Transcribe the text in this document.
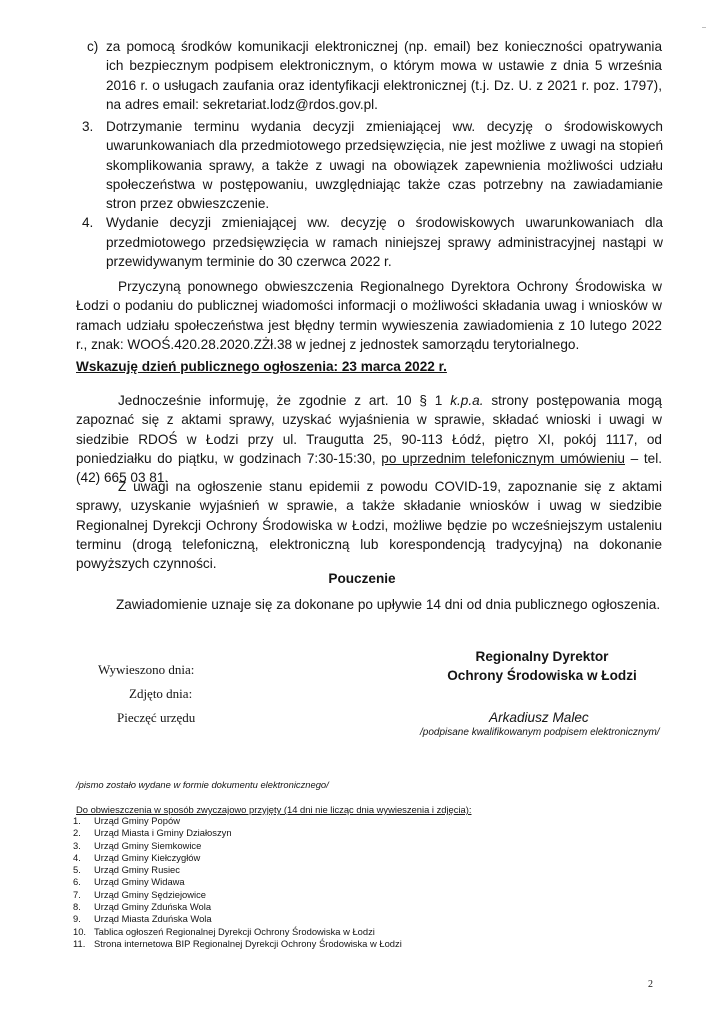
c) za pomocą środków komunikacji elektronicznej (np. email) bez konieczności opatrywania ich bezpiecznym podpisem elektronicznym, o którym mowa w ustawie z dnia 5 września 2016 r. o usługach zaufania oraz identyfikacji elektronicznej (t.j. Dz. U. z 2021 r. poz. 1797), na adres email: sekretariat.lodz@rdos.gov.pl.
3. Dotrzymanie terminu wydania decyzji zmieniającej ww. decyzję o środowiskowych uwarunkowaniach dla przedmiotowego przedsięwzięcia, nie jest możliwe z uwagi na stopień skomplikowania sprawy, a także z uwagi na obowiązek zapewnienia możliwości udziału społeczeństwa w postępowaniu, uwzględniając także czas potrzebny na zawiadamianie stron przez obwieszczenie.
4. Wydanie decyzji zmieniającej ww. decyzję o środowiskowych uwarunkowaniach dla przedmiotowego przedsięwzięcia w ramach niniejszej sprawy administracyjnej nastąpi w przewidywanym terminie do 30 czerwca 2022 r.
Przyczyną ponownego obwieszczenia Regionalnego Dyrektora Ochrony Środowiska w Łodzi o podaniu do publicznej wiadomości informacji o możliwości składania uwag i wniosków w ramach udziału społeczeństwa jest błędny termin wywieszenia zawiadomienia z 10 lutego 2022 r., znak: WOOŚ.420.28.2020.ZŻł.38 w jednej z jednostek samorządu terytorialnego.
Wskazuję dzień publicznego ogłoszenia: 23 marca 2022 r.
Jednocześnie informuję, że zgodnie z art. 10 § 1 k.p.a. strony postępowania mogą zapoznać się z aktami sprawy, uzyskać wyjaśnienia w sprawie, składać wnioski i uwagi w siedzibie RDOŚ w Łodzi przy ul. Traugutta 25, 90-113 Łódź, piętro XI, pokój 1117, od poniedziałku do piątku, w godzinach 7:30-15:30, po uprzednim telefonicznym umówieniu – tel. (42) 665 03 81.
Z uwagi na ogłoszenie stanu epidemii z powodu COVID-19, zapoznanie się z aktami sprawy, uzyskanie wyjaśnień w sprawie, a także składanie wniosków i uwag w siedzibie Regionalnej Dyrekcji Ochrony Środowiska w Łodzi, możliwe będzie po wcześniejszym ustaleniu terminu (drogą telefoniczną, elektroniczną lub korespondencją tradycyjną) na dokonanie powyższych czynności.
Pouczenie
Zawiadomienie uznaje się za dokonane po upływie 14 dni od dnia publicznego ogłoszenia.
Wywieszono dnia:
Zdjęto dnia:
Pieczęć urzędu
Regionalny Dyrektor
Ochrony Środowiska w Łodzi
Arkadiusz Malec
/podpisane kwalifikowanym podpisem elektronicznym/
/pismo zostało wydane w formie dokumentu elektronicznego/
Do obwieszczenia w sposób zwyczajowo przyjęty (14 dni nie licząc dnia wywieszenia i zdjęcia):
1. Urząd Gminy Popów
2. Urząd Miasta i Gminy Działoszyn
3. Urząd Gminy Siemkowice
4. Urząd Gminy Kiełczygłów
5. Urząd Gminy Rusiec
6. Urząd Gminy Widawa
7. Urząd Gminy Sędziejowice
8. Urząd Gminy Zduńska Wola
9. Urząd Miasta Zduńska Wola
10. Tablica ogłoszeń Regionalnej Dyrekcji Ochrony Środowiska w Łodzi
11. Strona internetowa BIP Regionalnej Dyrekcji Ochrony Środowiska w Łodzi
2
